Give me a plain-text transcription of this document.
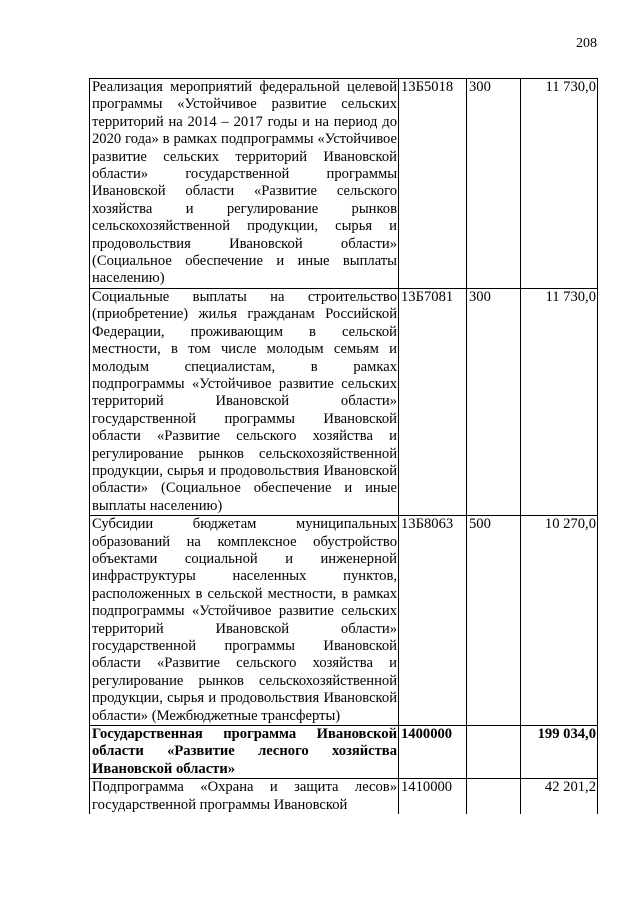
208
Реализация мероприятий федеральной целевой программы «Устойчивое развитие сельских территорий на 2014 – 2017 годы и на период до 2020 года» в рамках подпрограммы «Устойчивое развитие сельских территорий Ивановской области» государственной программы Ивановской области «Развитие сельского хозяйства и регулирование рынков сельскохозяйственной продукции, сырья и продовольствия Ивановской области» (Социальное обеспечение и иные выплаты населению)	13Б5018	300	11 730,0
Социальные выплаты на строительство (приобретение) жилья гражданам Российской Федерации, проживающим в сельской местности, в том числе молодым семьям и молодым специалистам, в рамках подпрограммы «Устойчивое развитие сельских территорий Ивановской области» государственной программы Ивановской области «Развитие сельского хозяйства и регулирование рынков сельскохозяйственной продукции, сырья и продовольствия Ивановской области» (Социальное обеспечение и иные выплаты населению)	13Б7081	300	11 730,0
Субсидии бюджетам муниципальных образований на комплексное обустройство объектами социальной и инженерной инфраструктуры населенных пунктов, расположенных в сельской местности, в рамках подпрограммы «Устойчивое развитие сельских территорий Ивановской области» государственной программы Ивановской области «Развитие сельского хозяйства и регулирование рынков сельскохозяйственной продукции, сырья и продовольствия Ивановской области» (Межбюджетные трансферты)	13Б8063	500	10 270,0
Государственная программа Ивановской области «Развитие лесного хозяйства Ивановской области»	1400000		199 034,0
Подпрограмма «Охрана и защита лесов» государственной программы Ивановской	1410000		42 201,2
